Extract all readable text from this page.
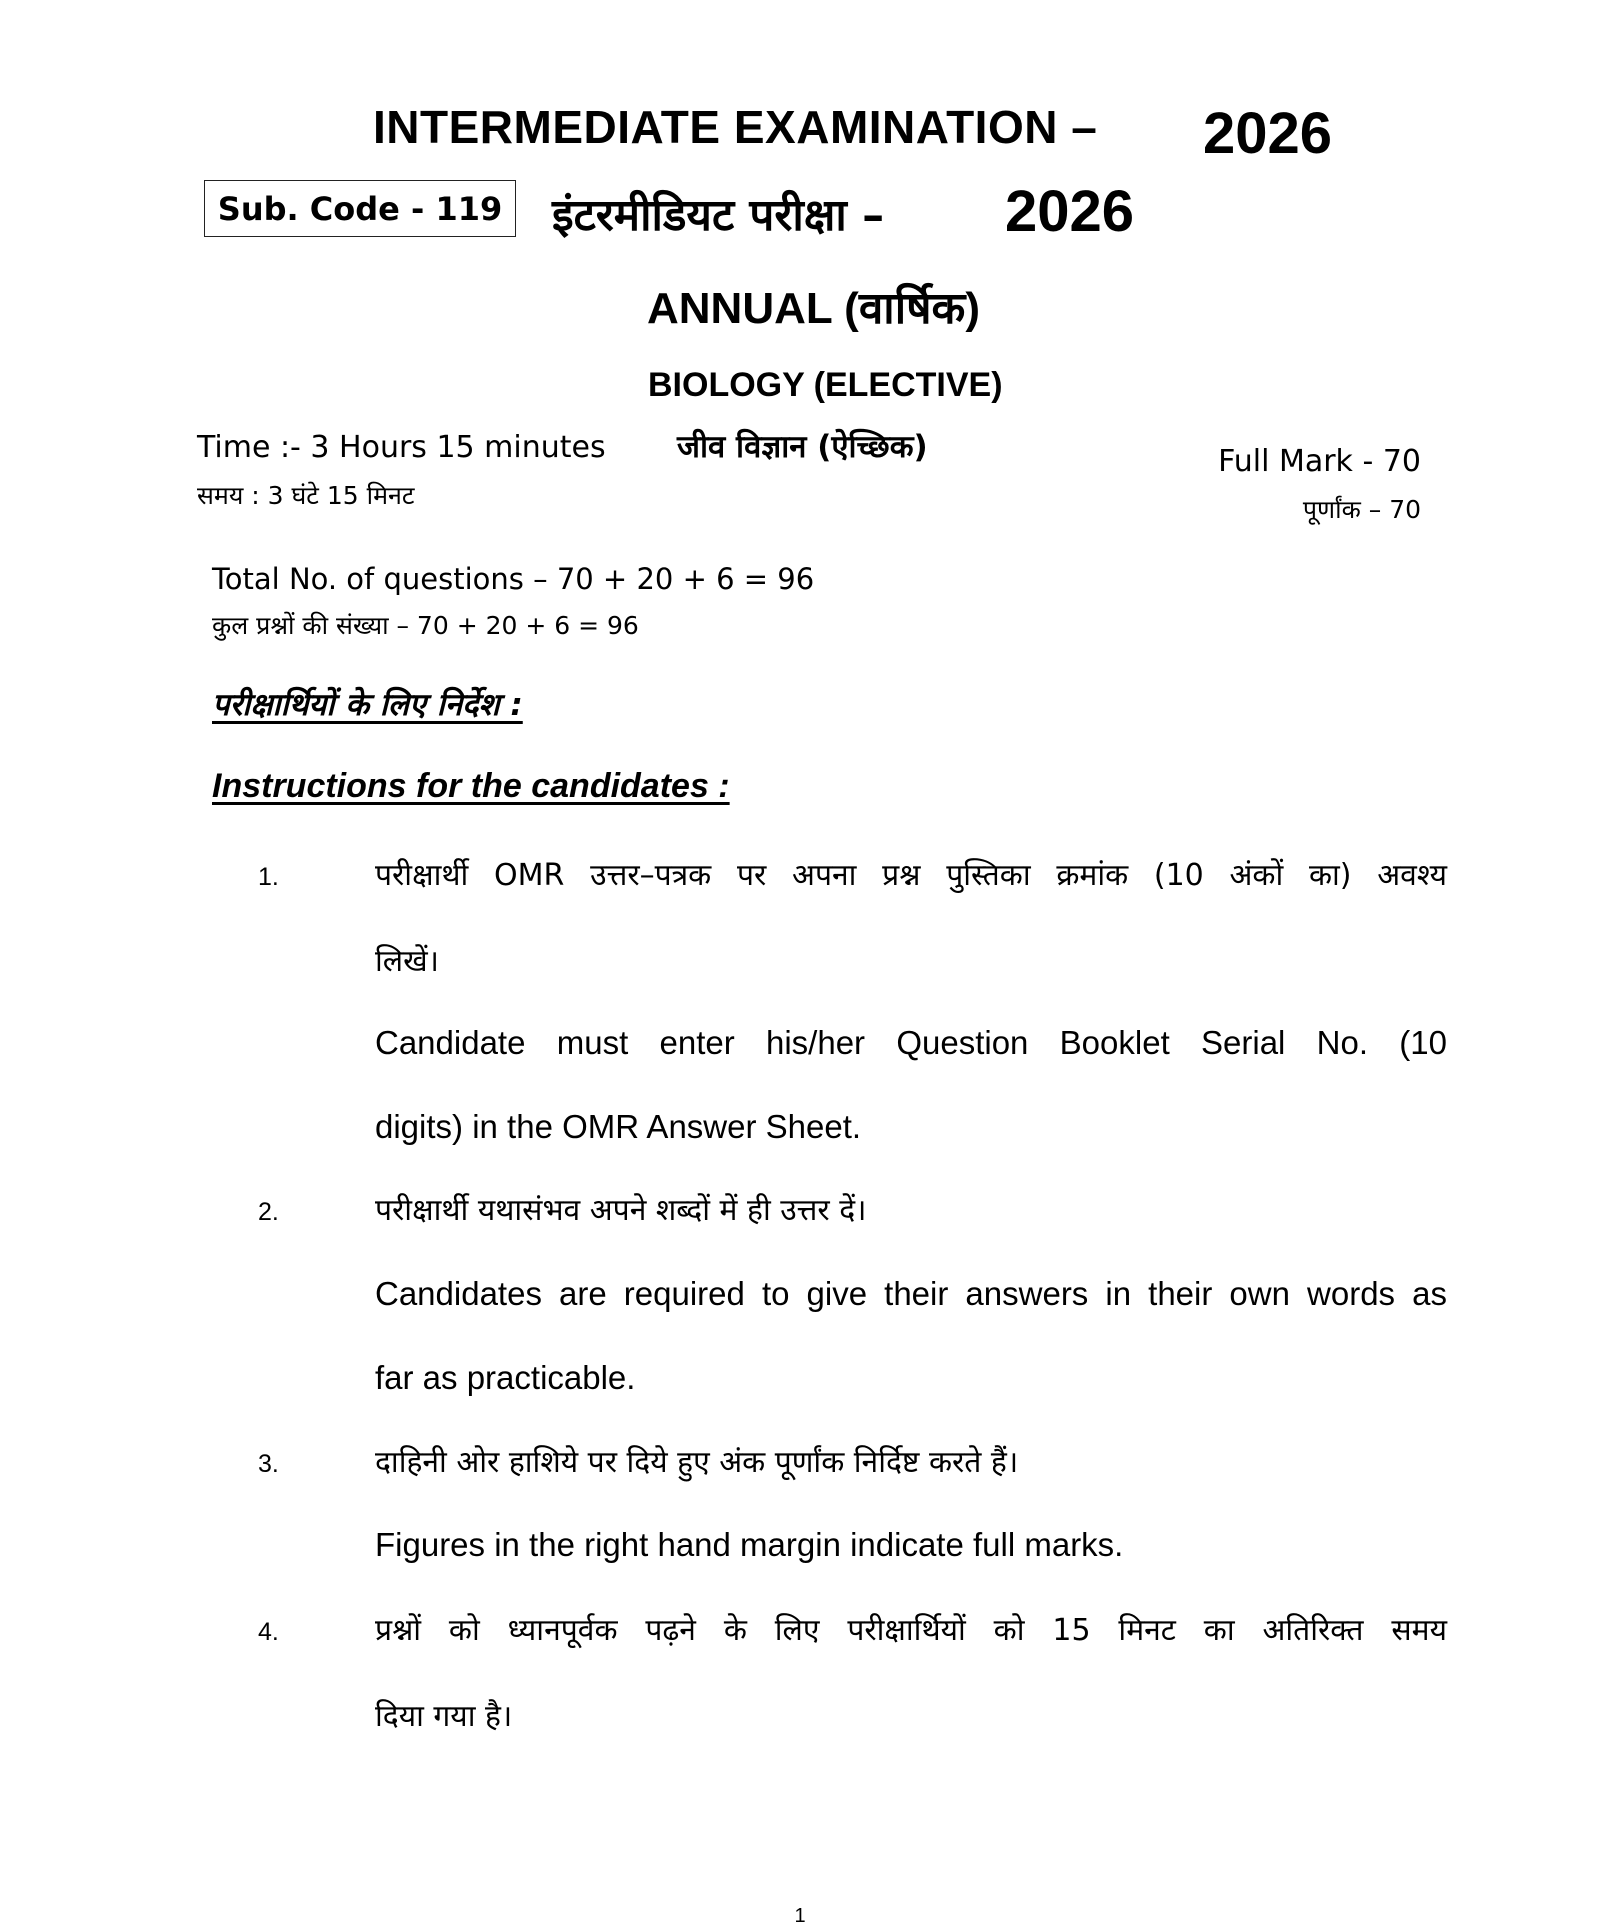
INTERMEDIATE EXAMINATION – 2026
Sub. Code - 119 इंटरमीडियट परीक्षा – 2026
ANNUAL (वार्षिक)
BIOLOGY (ELECTIVE)
Time :- 3 Hours 15 minutes जीव विज्ञान (ऐच्छिक)
समय : 3 घंटे 15 मिनट
Full Mark - 70
पूर्णांक – 70
Total No. of questions – 70 + 20 + 6 = 96
कुल प्रश्नों की संख्या – 70 + 20 + 6 = 96
परीक्षार्थियों के लिए निर्देश :
Instructions for the candidates :
1.	परीक्षार्थी OMR उत्तर–पत्रक पर अपना प्रश्न पुस्तिका क्रमांक (10 अंकों का) अवश्य
लिखें।
Candidate must enter his/her Question Booklet Serial No. (10
digits) in the OMR Answer Sheet.
2.	परीक्षार्थी यथासंभव अपने शब्दों में ही उत्तर दें।
Candidates are required to give their answers in their own words as
far as practicable.
3.	दाहिनी ओर हाशिये पर दिये हुए अंक पूर्णांक निर्दिष्ट करते हैं।
Figures in the right hand margin indicate full marks.
4.	प्रश्नों को ध्यानपूर्वक पढ़ने के लिए परीक्षार्थियों को 15 मिनट का अतिरिक्त समय
दिया गया है।
1
